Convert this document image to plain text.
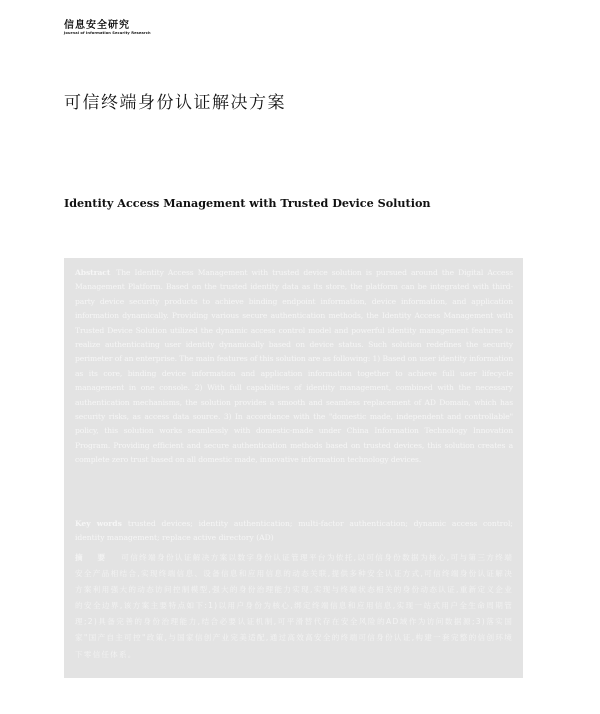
信息安全研究
Journal of Information Security Research
可信终端身份认证解决方案
Identity Access Management with Trusted Device Solution
Abstract The Identity Access Management with trusted device solution is pursued around the Digital Access Management Platform. Based on the trusted identity data as its store, the platform can be integrated with third-party device security products to achieve binding endpoint information, device information, and application information dynamically. Providing various secure authentication methods, the Identity Access Management with Trusted Device Solution utilized the dynamic access control model and powerful identity management features to realize authenticating user identity dynamically based on device status. Such solution redefines the security perimeter of an enterprise. The main features of this solution are as following: 1) Based on user identity information as its core, binding device information and application information together to achieve full user lifecycle management in one console. 2) With full capabilities of identity management, combined with the necessary authentication mechanisms, the solution provides a smooth and seamless replacement of AD Domain, which has security risks, as access data source. 3) In accordance with the "domestic made, independent and controllable" policy, this solution works seamlessly with domestic-made under China Information Technology Innovation Program. Providing efficient and secure authentication methods based on trusted devices, this solution creates a complete zero trust based on all domestic made, innovative information technology devices.
Key words trusted devices; identity authentication; multi-factor authentication; dynamic access control; identity management; replace active directory (AD)
摘 要 可信终端身份认证解决方案以数字身份认证管理平台为依托,以可信身份数据为核心,可与第三方终端安全产品相结合,实现终端信息、设备信息和应用信息的动态关联,提供多种安全认证方式,可信终端身份认证解决方案利用强大的动态访问控制模型,强大的身份治理能力实现,实现与终端状态相关的身份动态认证,重新定义企业的安全边界,该方案主要特点如下:1)以用户身份为核心,绑定终端信息和应用信息,实现一站式用户全生命周期管理;2)具备完善的身份治理能力,结合必要认证机制,可平滑替代存在安全风险的AD域作为访问数据源;3)落实国家"国产自主可控"政策,与国家信创产业完美适配,通过高效高安全的终端可信身份认证,构建一套完整的信创环境下零信任体系。
